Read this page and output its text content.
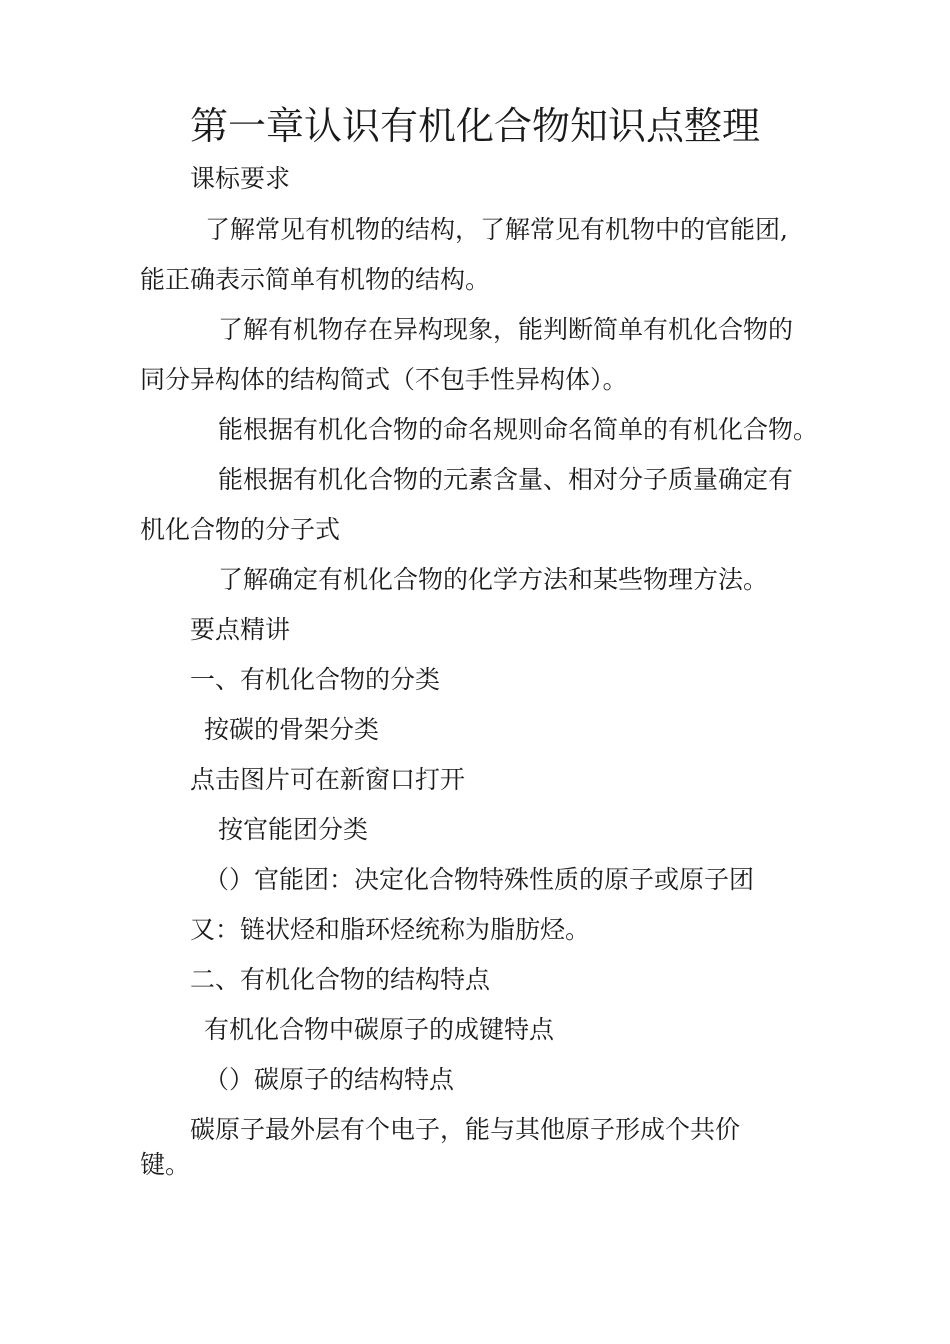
第一章认识有机化合物知识点整理
课标要求
了解常见有机物的结构，了解常见有机物中的官能团,
能正确表示简单有机物的结构。
了解有机物存在异构现象，能判断简单有机化合物的
同分异构体的结构简式（不包手性异构体）。
能根据有机化合物的命名规则命名简单的有机化合物。
能根据有机化合物的元素含量、相对分子质量确定有
机化合物的分子式
了解确定有机化合物的化学方法和某些物理方法。
要点精讲
一、有机化合物的分类
按碳的骨架分类
点击图片可在新窗口打开
按官能团分类
（）官能团：决定化合物特殊性质的原子或原子团
又：链状烃和脂环烃统称为脂肪烃。
二、有机化合物的结构特点
有机化合物中碳原子的成键特点
（）碳原子的结构特点
碳原子最外层有个电子，能与其他原子形成个共价
键。
